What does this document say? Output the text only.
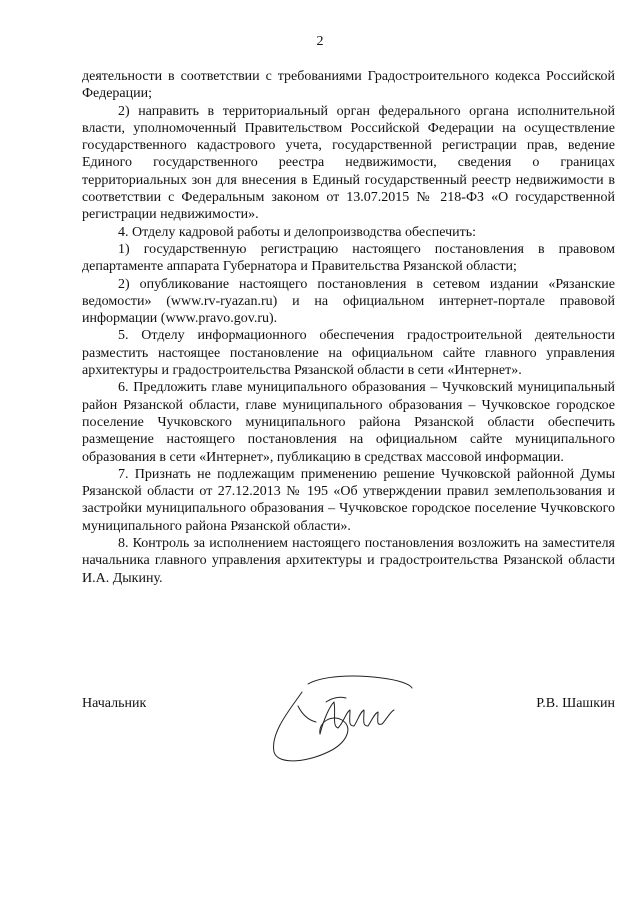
2

деятельности в соответствии с требованиями Градостроительного кодекса Российской Федерации;

2) направить в территориальный орган федерального органа исполнительной власти, уполномоченный Правительством Российской Федерации на осуществление государственного кадастрового учета, государственной регистрации прав, ведение Единого государственного реестра недвижимости, сведения о границах территориальных зон для внесения в Единый государственный реестр недвижимости в соответствии с Федеральным законом от 13.07.2015 № 218-ФЗ «О государственной регистрации недвижимости».

4. Отделу кадровой работы и делопроизводства обеспечить:

1) государственную регистрацию настоящего постановления в правовом департаменте аппарата Губернатора и Правительства Рязанской области;

2) опубликование настоящего постановления в сетевом издании «Рязанские ведомости» (www.rv-ryazan.ru) и на официальном интернет-портале правовой информации (www.pravo.gov.ru).

5. Отделу информационного обеспечения градостроительной деятельности разместить настоящее постановление на официальном сайте главного управления архитектуры и градостроительства Рязанской области в сети «Интернет».

6. Предложить главе муниципального образования – Чучковский муниципальный район Рязанской области, главе муниципального образования – Чучковское городское поселение Чучковского муниципального района Рязанской области обеспечить размещение настоящего постановления на официальном сайте муниципального образования в сети «Интернет», публикацию в средствах массовой информации.

7. Признать не подлежащим применению решение Чучковской районной Думы Рязанской области от 27.12.2013 № 195 «Об утверждении правил землепользования и застройки муниципального образования – Чучковское городское поселение Чучковского муниципального района Рязанской области».

8. Контроль за исполнением настоящего постановления возложить на заместителя начальника главного управления архитектуры и градостроительства Рязанской области И.А. Дыкину.

Начальник	Р.В. Шашкин
